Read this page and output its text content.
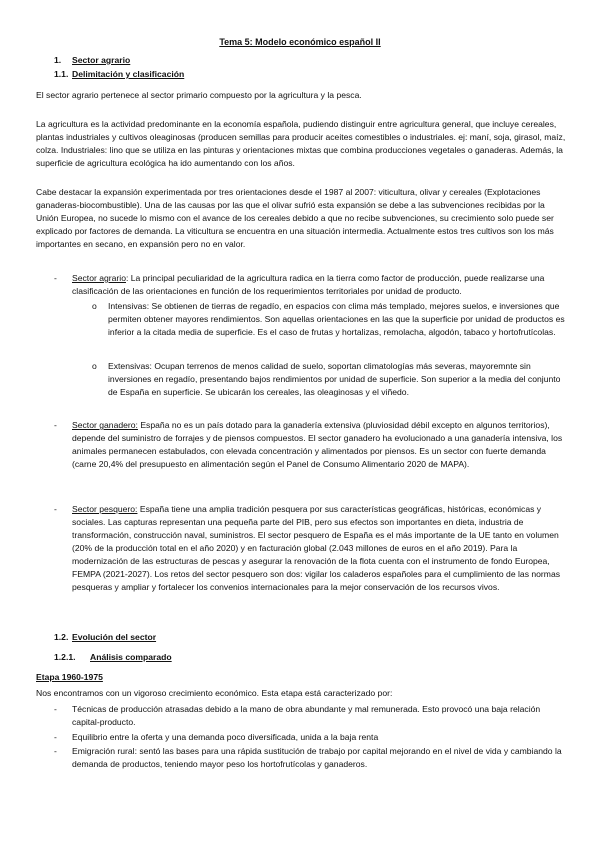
Tema 5: Modelo económico español II
1. Sector agrario
1.1. Delimitación y clasificación
El sector agrario pertenece al sector primario compuesto por la agricultura y la pesca.
La agricultura es la actividad predominante en la economía española, pudiendo distinguir entre agricultura general, que incluye cereales, plantas industriales y cultivos oleaginosas (producen semillas para producir aceites comestibles o industriales. ej: maní, soja, girasol, maíz, colza. Industriales: lino que se utiliza en las pinturas y orientaciones mixtas que combina producciones vegetales o ganaderas. Además, la superficie de agricultura ecológica ha ido aumentando con los años.
Cabe destacar la expansión experimentada por tres orientaciones desde el 1987 al 2007: viticultura, olivar y cereales (Explotaciones ganaderas-biocombustible). Una de las causas por las que el olivar sufrió esta expansión se debe a las subvenciones recibidas por la Unión Europea, no sucede lo mismo con el avance de los cereales debido a que no recibe subvenciones, su crecimiento solo puede ser explicado por factores de demanda. La viticultura se encuentra en una situación intermedia. Actualmente estos tres cultivos son los más importantes en secano, en expansión pero no en valor.
- Sector agrario: La principal peculiaridad de la agricultura radica en la tierra como factor de producción, puede realizarse una clasificación de las orientaciones en función de los requerimientos territoriales por unidad de producto.
o Intensivas: Se obtienen de tierras de regadío, en espacios con clima más templado, mejores suelos, e inversiones que permiten obtener mayores rendimientos. Son aquellas orientaciones en las que la superficie por unidad de productos es inferior a la citada media de superficie. Es el caso de frutas y hortalizas, remolacha, algodón, tabaco y hortofrutícolas.
o Extensivas: Ocupan terrenos de menos calidad de suelo, soportan climatologías más severas, mayoremnte sin inversiones en regadío, presentando bajos rendimientos por unidad de superficie. Son superior a la media del conjunto de España en superficie. Se ubicarán los cereales, las oleaginosas y el viñedo.
- Sector ganadero: España no es un país dotado para la ganadería extensiva (pluviosidad débil excepto en algunos territorios), depende del suministro de forrajes y de piensos compuestos. El sector ganadero ha evolucionado a una ganadería intensiva, los animales permanecen estabulados, con elevada concentración y alimentados por piensos. Es un sector con fuerte demanda (carne 20,4% del presupuesto en alimentación según el Panel de Consumo Alimentario 2020 de MAPA).
- Sector pesquero: España tiene una amplia tradición pesquera por sus características geográficas, históricas, económicas y sociales. Las capturas representan una pequeña parte del PIB, pero sus efectos son importantes en dieta, industria de transformación, construcción naval, suministros. El sector pesquero de España es el más importante de la UE tanto en volumen (20% de la producción total en el año 2020) y en facturación global (2.043 millones de euros en el año 2019). Para la modernización de las estructuras de pescas y asegurar la renovación de la flota cuenta con el instrumento de fondo Europea, FEMPA (2021-2027). Los retos del sector pesquero son dos: vigilar los caladeros españoles para el cumplimiento de las normas pesqueras y ampliar y fortalecer los convenios internacionales para la mejor conservación de los recursos vivos.
1.2. Evolución del sector
1.2.1. Análisis comparado
Etapa 1960-1975
Nos encontramos con un vigoroso crecimiento económico. Esta etapa está caracterizado por:
- Técnicas de producción atrasadas debido a la mano de obra abundante y mal remunerada. Esto provocó una baja relación capital-producto.
- Equilibrio entre la oferta y una demanda poco diversificada, unida a la baja renta
- Emigración rural: sentó las bases para una rápida sustitución de trabajo por capital mejorando en el nivel de vida y cambiando la demanda de productos, teniendo mayor peso los hortofrutícolas y ganaderos.
